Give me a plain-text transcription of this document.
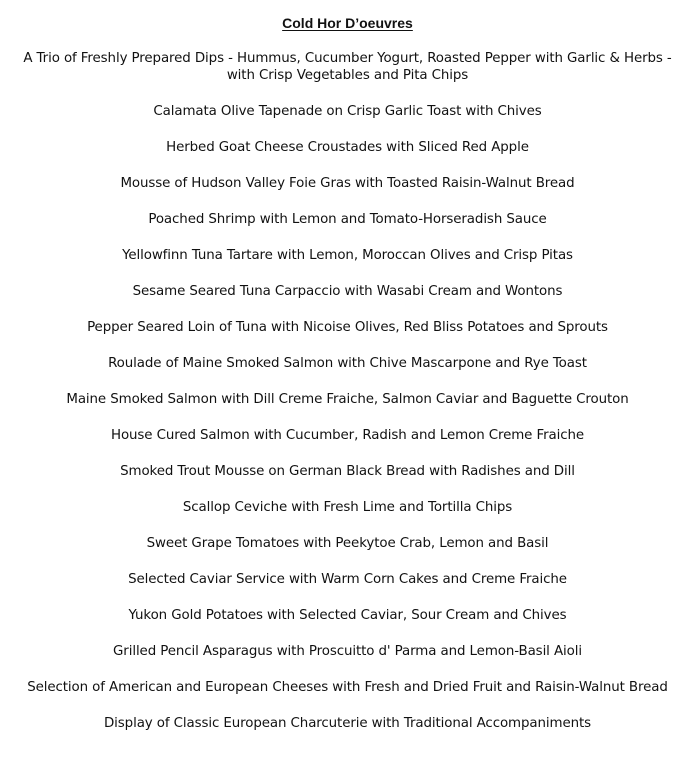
Cold Hor D’oeuvres
A Trio of Freshly Prepared Dips - Hummus, Cucumber Yogurt, Roasted Pepper with Garlic & Herbs -
with Crisp Vegetables and Pita Chips
Calamata Olive Tapenade on Crisp Garlic Toast with Chives
Herbed Goat Cheese Croustades with Sliced Red Apple
Mousse of Hudson Valley Foie Gras with Toasted Raisin-Walnut Bread
Poached Shrimp with Lemon and Tomato-Horseradish Sauce
Yellowfinn Tuna Tartare with Lemon, Moroccan Olives and Crisp Pitas
Sesame Seared Tuna Carpaccio with Wasabi Cream and Wontons
Pepper Seared Loin of Tuna with Nicoise Olives, Red Bliss Potatoes and Sprouts
Roulade of Maine Smoked Salmon with Chive Mascarpone and Rye Toast
Maine Smoked Salmon with Dill Creme Fraiche, Salmon Caviar and Baguette Crouton
House Cured Salmon with Cucumber, Radish and Lemon Creme Fraiche
Smoked Trout Mousse on German Black Bread with Radishes and Dill
Scallop Ceviche with Fresh Lime and Tortilla Chips
Sweet Grape Tomatoes with Peekytoe Crab, Lemon and Basil
Selected Caviar Service with Warm Corn Cakes and Creme Fraiche
Yukon Gold Potatoes with Selected Caviar, Sour Cream and Chives
Grilled Pencil Asparagus with Proscuitto d' Parma and Lemon-Basil Aioli
Selection of American and European Cheeses with Fresh and Dried Fruit and Raisin-Walnut Bread
Display of Classic European Charcuterie with Traditional Accompaniments
